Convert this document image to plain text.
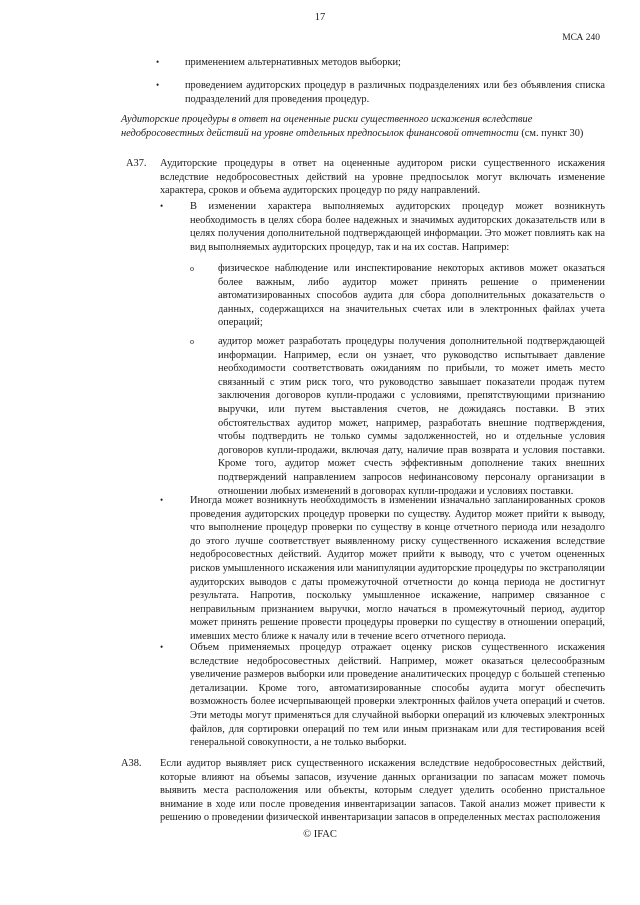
17
МСА 240
• применением альтернативных методов выборки;
• проведением аудиторских процедур в различных подразделениях или без объявления списка подразделений для проведения процедур.
Аудиторские процедуры в ответ на оцененные риски существенного искажения вследствие недобросовестных действий на уровне отдельных предпосылок финансовой отчетности (см. пункт 30)
А37. Аудиторские процедуры в ответ на оцененные аудитором риски существенного искажения вследствие недобросовестных действий на уровне предпосылок могут включать изменение характера, сроков и объема аудиторских процедур по ряду направлений.
•	В изменении характера выполняемых аудиторских процедур может возникнуть необходимость в целях сбора более надежных и значимых аудиторских доказательств или в целях получения дополнительной подтверждающей информации. Это может повлиять как на вид выполняемых аудиторских процедур, так и на их состав. Например:
o физическое наблюдение или инспектирование некоторых активов может оказаться более важным, либо аудитор может принять решение о применении автоматизированных способов аудита для сбора дополнительных доказательств о данных, содержащихся на значительных счетах или в электронных файлах учета операций;
o аудитор может разработать процедуры получения дополнительной подтверждающей информации. Например, если он узнает, что руководство испытывает давление необходимости соответствовать ожиданиям по прибыли, то может иметь место связанный с этим риск того, что руководство завышает показатели продаж путем заключения договоров купли-продажи с условиями, препятствующими признанию выручки, или путем выставления счетов, не дожидаясь поставки. В этих обстоятельствах аудитор может, например, разработать внешние подтверждения, чтобы подтвердить не только суммы задолженностей, но и отдельные условия договоров купли-продажи, включая дату, наличие прав возврата и условия поставки. Кроме того, аудитор может счесть эффективным дополнение таких внешних подтверждений направлением запросов нефинансовому персоналу организации в отношении любых изменений в договорах купли-продажи и условиях поставки.
•	Иногда может возникнуть необходимость в изменении изначально запланированных сроков проведения аудиторских процедур проверки по существу. Аудитор может прийти к выводу, что выполнение процедур проверки по существу в конце отчетного периода или незадолго до этого лучше соответствует выявленному риску существенного искажения вследствие недобросовестных действий. Аудитор может прийти к выводу, что с учетом оцененных рисков умышленного искажения или манипуляции аудиторские процедуры по экстраполяции аудиторских выводов с даты промежуточной отчетности до конца периода не достигнут результата. Напротив, поскольку умышленное искажение, например связанное с неправильным признанием выручки, могло начаться в промежуточный период, аудитор может принять решение провести процедуры проверки по существу в отношении операций, имевших место ближе к началу или в течение всего отчетного периода.
•	Объем применяемых процедур отражает оценку рисков существенного искажения вследствие недобросовестных действий. Например, может оказаться целесообразным увеличение размеров выборки или проведение аналитических процедур с большей степенью детализации. Кроме того, автоматизированные способы аудита могут обеспечить возможность более исчерпывающей проверки электронных файлов учета операций и счетов. Эти методы могут применяться для случайной выборки операций из ключевых электронных файлов, для сортировки операций по тем или иным признакам или для тестирования всей генеральной совокупности, а не только выборки.
А38. Если аудитор выявляет риск существенного искажения вследствие недобросовестных действий, которые влияют на объемы запасов, изучение данных организации по запасам может помочь выявить места расположения или объекты, которым следует уделить особенно пристальное внимание в ходе или после проведения инвентаризации запасов. Такой анализ может привести к решению о проведении физической инвентаризации запасов в определенных местах расположения
© IFAC
